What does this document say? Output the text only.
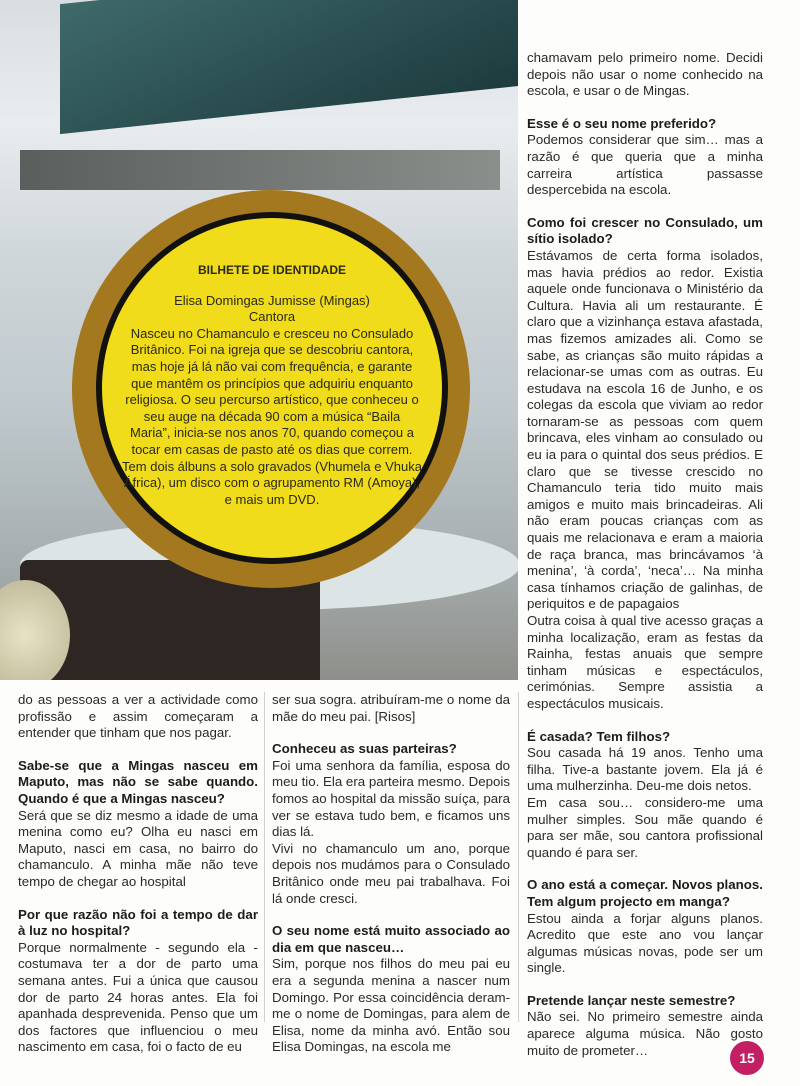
BILHETE DE IDENTIDADE

Elisa Domingas Jumisse (Mingas)

Cantora

Nasceu no Chamanculo e cresceu no Consulado Britânico. Foi na igreja que se descobriu cantora, mas hoje já lá não vai com frequência, e garante que mantêm os princípios que adquiriu enquanto religiosa. O seu percurso artístico, que conheceu o seu auge na década 90 com a música “Baila Maria”, inicia-se nos anos 70, quando começou a tocar em casas de pasto até os dias que correm.

Tem dois álbuns a solo gravados (Vhumela e Vhuka África), um disco com o agrupamento RM (Amoya), e mais um DVD.

do as pessoas a ver a actividade como profissão e assim começaram a entender que tinham que nos pagar.

Sabe-se que a Mingas nasceu em Maputo, mas não se sabe quando. Quando é que a Mingas nasceu?

Será que se diz mesmo a idade de uma menina como eu? Olha eu nasci em Maputo, nasci em casa, no bairro do chamanculo. A minha mãe não teve tempo de chegar ao hospital

Por que razão não foi a tempo de dar à luz no hospital?

Porque normalmente - segundo ela - costumava ter a dor de parto uma semana antes. Fui a única que causou dor de parto 24 horas antes. Ela foi apanhada desprevenida. Penso que um dos factores que influenciou o meu nascimento em casa, foi o facto de eu

ser sua sogra. atribuíram-me o nome da mãe do meu pai. [Risos]

Conheceu as suas parteiras?

Foi uma senhora da família, esposa do meu tio. Ela era parteira mesmo. Depois fomos ao hospital da missão suíça, para ver se estava tudo bem, e ficamos uns dias lá.

Vivi no chamanculo um ano, porque depois nos mudámos para o Consulado Britânico onde meu pai trabalhava. Foi lá onde cresci.

O seu nome está muito associado ao dia em que nasceu…

Sim, porque nos filhos do meu pai eu era a segunda menina a nascer num Domingo. Por essa coincidência deram-me o nome de Domingas, para alem de Elisa, nome da minha avó. Então sou Elisa Domingas, na escola me

chamavam pelo primeiro nome. Decidi depois não usar o nome conhecido na escola, e usar o de Mingas.

Esse é o seu nome preferido?

Podemos considerar que sim… mas a razão é que queria que a minha carreira artística passasse despercebida na escola.

Como foi crescer no Consulado, um sítio isolado?

Estávamos de certa forma isolados, mas havia prédios ao redor. Existia aquele onde funcionava o Ministério da Cultura. Havia ali um restaurante. É claro que a vizinhança estava afastada, mas fizemos amizades ali. Como se sabe, as crianças são muito rápidas a relacionar-se umas com as outras. Eu estudava na escola 16 de Junho, e os colegas da escola que viviam ao redor tornaram-se as pessoas com quem brincava, eles vinham ao consulado ou eu ia para o quintal dos seus prédios. E claro que se tivesse crescido no Chamanculo teria tido muito mais amigos e muito mais brincadeiras. Ali não eram poucas crianças com as quais me relacionava e eram a maioria de raça branca, mas brincávamos ‘à menina’, ‘à corda’, ‘neca’… Na minha casa tínhamos criação de galinhas, de periquitos e de papagaios

Outra coisa à qual tive acesso graças a minha localização, eram as festas da Rainha, festas anuais que sempre tinham músicas e espectáculos, cerimónias. Sempre assistia a espectáculos musicais.

É casada? Tem filhos?

Sou casada há 19 anos. Tenho uma filha. Tive-a bastante jovem. Ela já é uma mulherzinha. Deu-me dois netos.

Em casa sou… considero-me uma mulher simples. Sou mãe quando é para ser mãe, sou cantora profissional quando é para ser.

O ano está a começar. Novos planos. Tem algum projecto em manga?

Estou ainda a forjar alguns planos. Acredito que este ano vou lançar algumas músicas novas, pode ser um single.

Pretende lançar neste semestre?

Não sei. No primeiro semestre ainda aparece alguma música. Não gosto muito de prometer…	15
